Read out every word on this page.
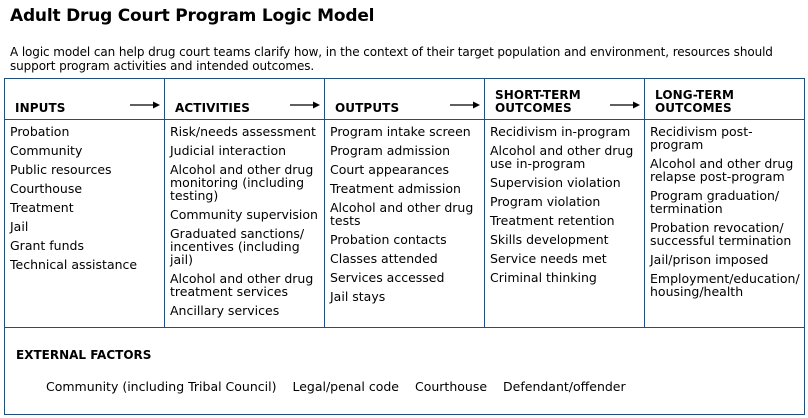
Adult Drug Court Program Logic Model
A logic model can help drug court teams clarify how, in the context of their target population and environment, resources should support program activities and intended outcomes.
INPUTS
Probation
Community
Public resources
Courthouse
Treatment
Jail
Grant funds
Technical assistance
ACTIVITIES
Risk/needs assessment
Judicial interaction
Alcohol and other drug monitoring (including testing)
Community supervision
Graduated sanctions/ incentives (including jail)
Alcohol and other drug treatment services
Ancillary services
OUTPUTS
Program intake screen
Program admission
Court appearances
Treatment admission
Alcohol and other drug tests
Probation contacts
Classes attended
Services accessed
Jail stays
SHORT-TERM OUTCOMES
Recidivism in-program
Alcohol and other drug use in-program
Supervision violation
Program violation
Treatment retention
Skills development
Service needs met
Criminal thinking
LONG-TERM OUTCOMES
Recidivism post-program
Alcohol and other drug relapse post-program
Program graduation/ termination
Probation revocation/ successful termination
Jail/prison imposed
Employment/education/ housing/health
EXTERNAL FACTORS
Community (including Tribal Council) Legal/penal code Courthouse Defendant/offender
